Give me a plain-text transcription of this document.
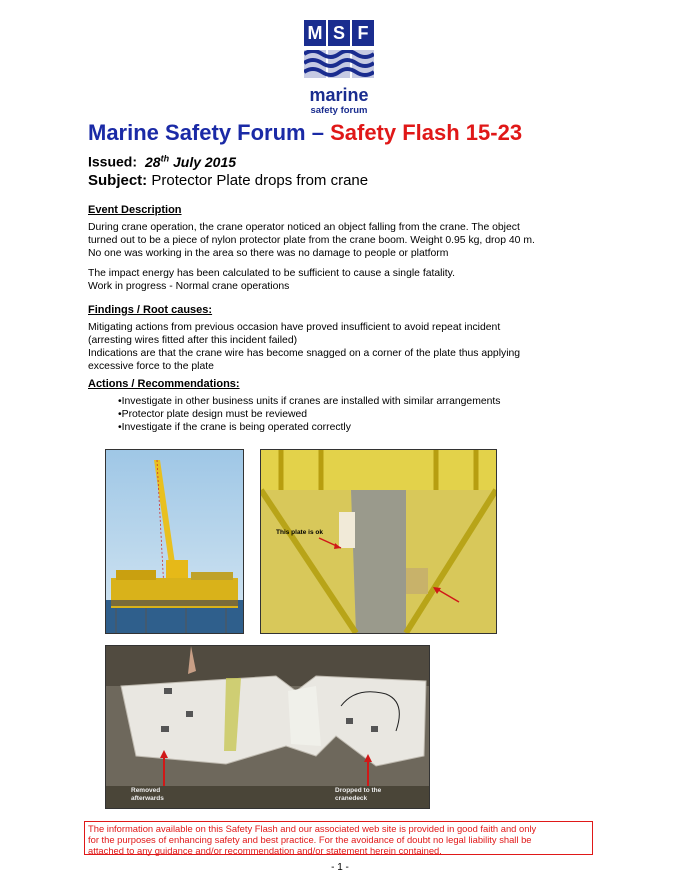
M S F
marine
safety forum
Marine Safety Forum – Safety Flash 15-23
Issued: 28th July 2015
Subject: Protector Plate drops from crane
Event Description
During crane operation, the crane operator noticed an object falling from the crane. The object
turned out to be a piece of nylon protector plate from the crane boom. Weight 0.95 kg, drop 40 m.
No one was working in the area so there was no damage to people or platform
The impact energy has been calculated to be sufficient to cause a single fatality.
Work in progress - Normal crane operations
Findings / Root causes:
Mitigating actions from previous occasion have proved insufficient to avoid repeat incident
(arresting wires fitted after this incident failed)
Indications are that the crane wire has become snagged on a corner of the plate thus applying
excessive force to the plate
Actions / Recommendations:
•Investigate in other business units if cranes are installed with similar arrangements
•Protector plate design must be reviewed
•Investigate if the crane is being operated correctly
This plate is ok
Removed
afterwards
Dropped to the
cranedeck
The information available on this Safety Flash and our associated web site is provided in good faith and only
for the purposes of enhancing safety and best practice. For the avoidance of doubt no legal liability shall be
attached to any guidance and/or recommendation and/or statement herein contained.
- 1 -
